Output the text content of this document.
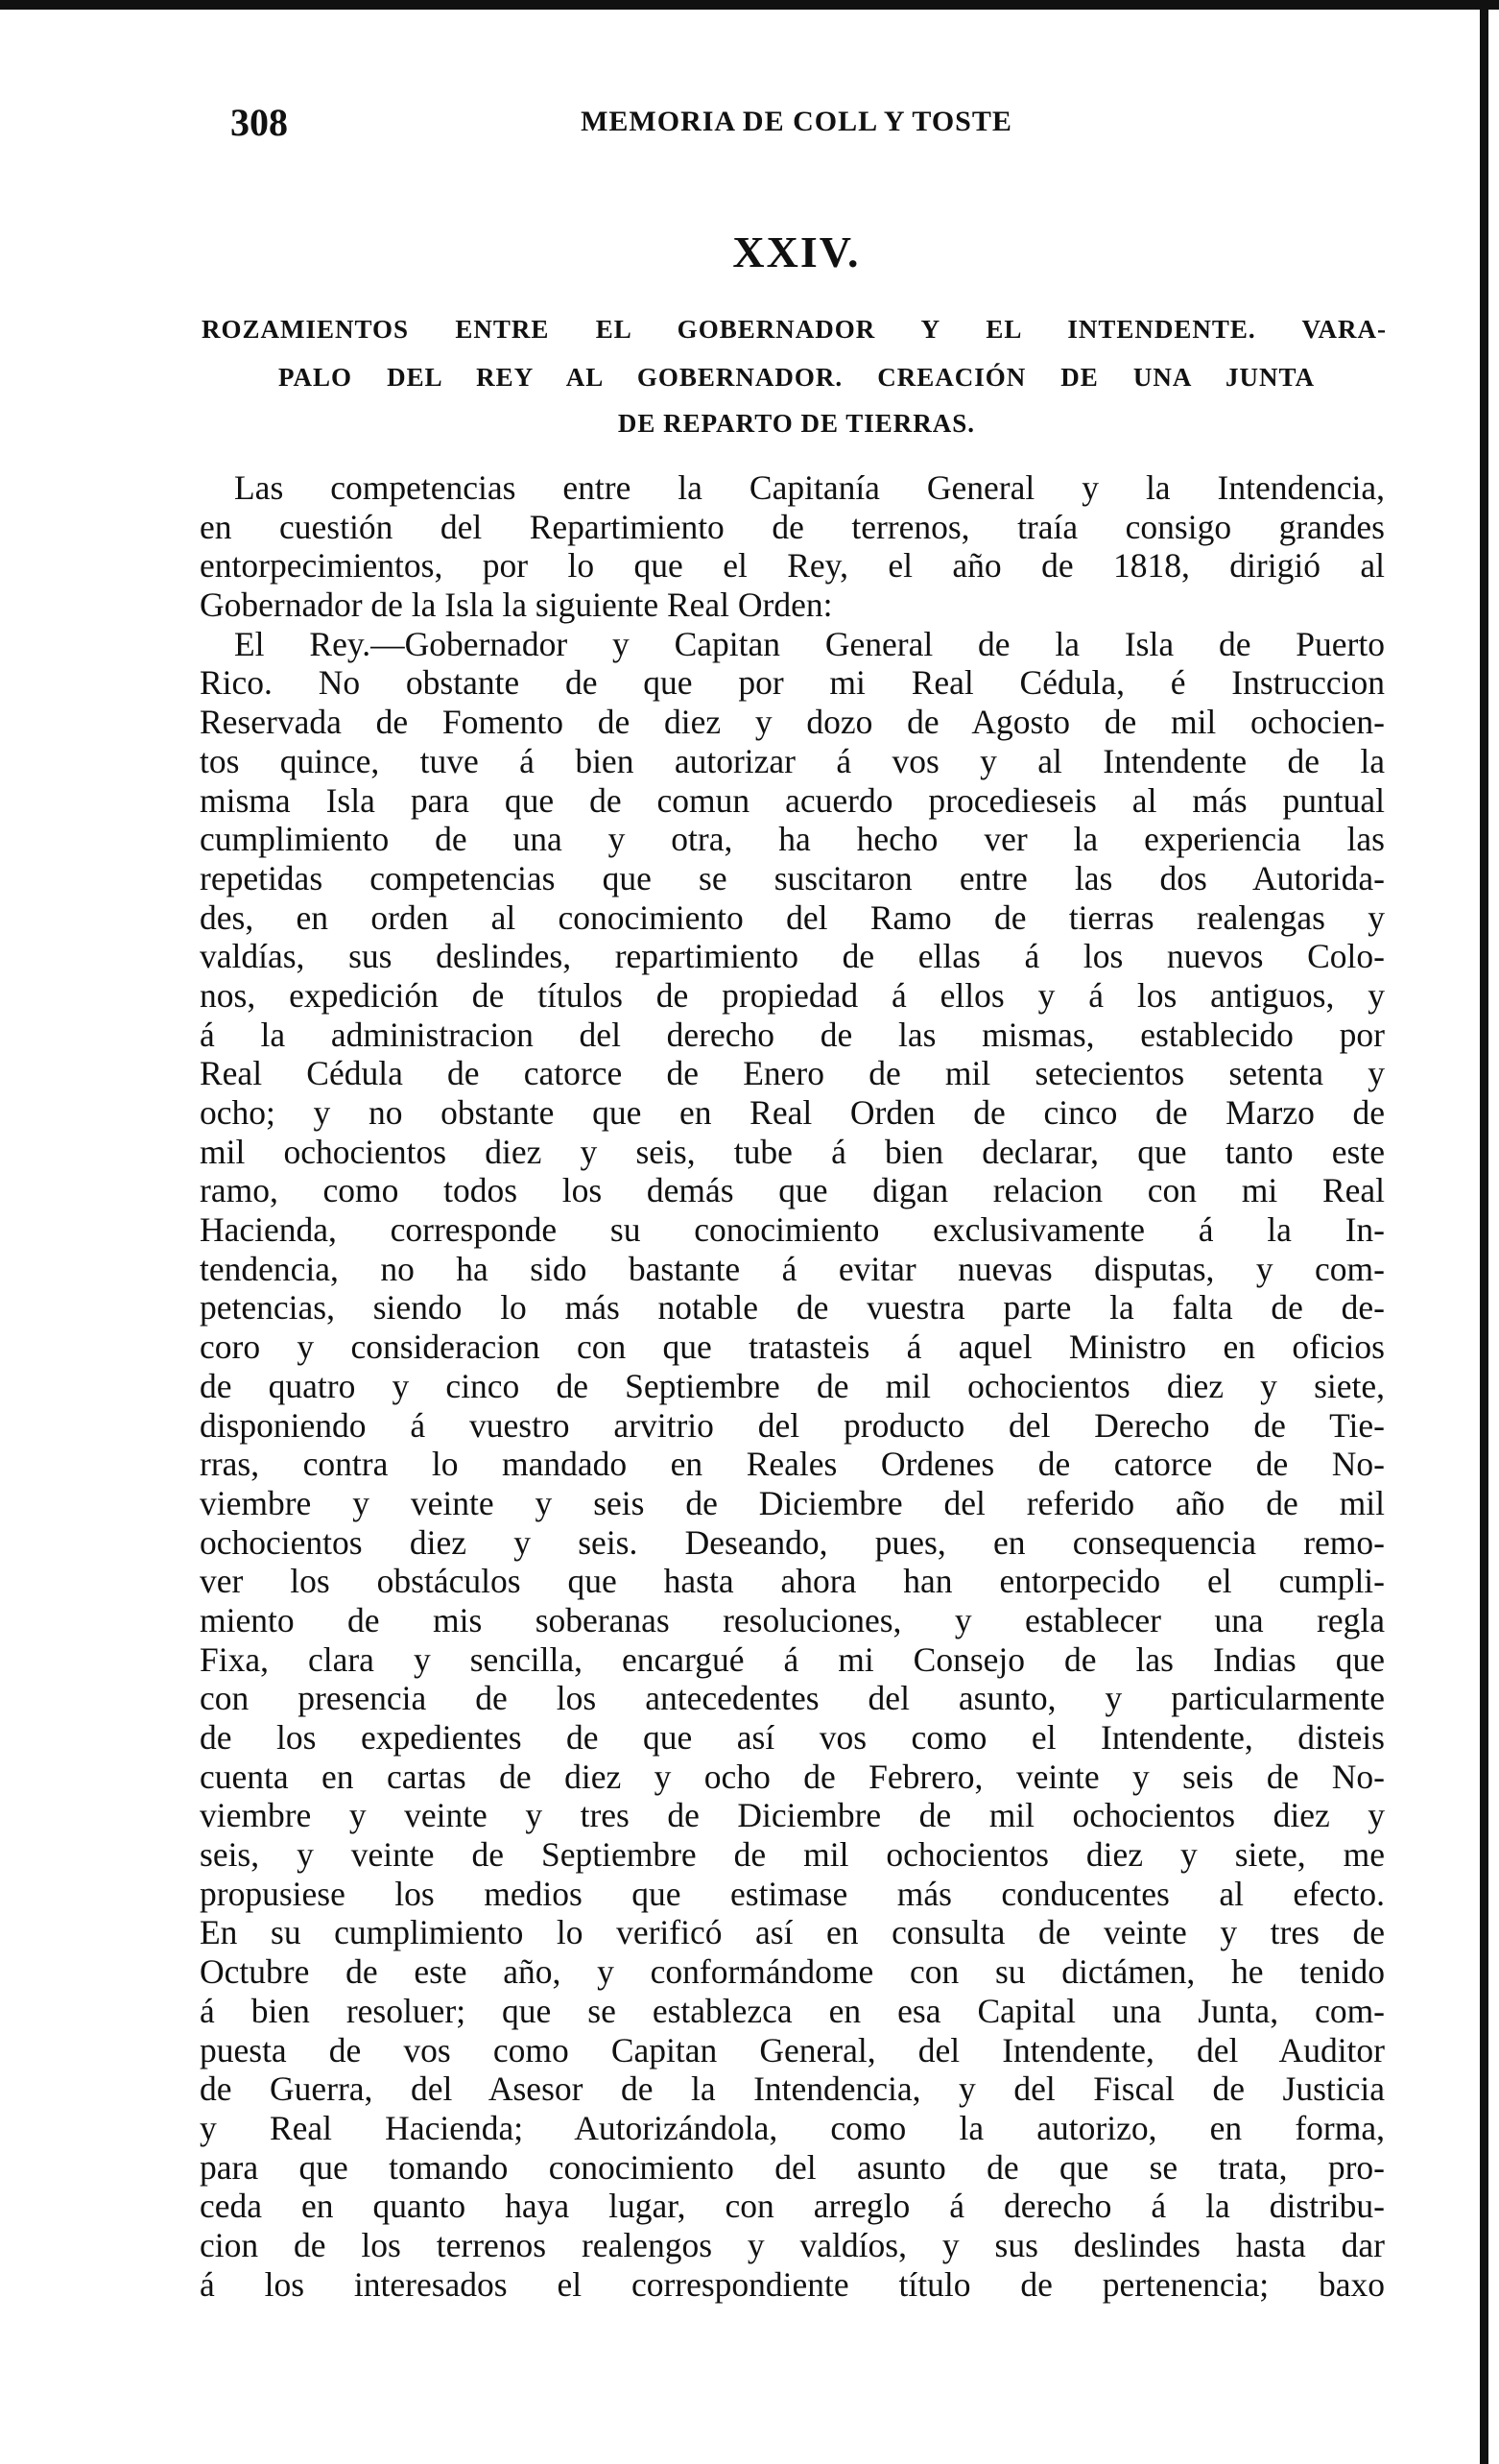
308	MEMORIA DE COLL Y TOSTE
XXIV.
ROZAMIENTOS ENTRE EL GOBERNADOR Y EL INTENDENTE. VARA-
PALO DEL REY AL GOBERNADOR. CREACIÓN DE UNA JUNTA
DE REPARTO DE TIERRAS.
Las competencias entre la Capitanía General y la Intendencia,
en cuestión del Repartimiento de terrenos, traía consigo grandes
entorpecimientos, por lo que el Rey, el año de 1818, dirigió al
Gobernador de la Isla la siguiente Real Orden:
El Rey.—Gobernador y Capitan General de la Isla de Puerto
Rico. No obstante de que por mi Real Cédula, é Instruccion
Reservada de Fomento de diez y dozo de Agosto de mil ochocien-
tos quince, tuve á bien autorizar á vos y al Intendente de la
misma Isla para que de comun acuerdo procedieseis al más puntual
cumplimiento de una y otra, ha hecho ver la experiencia las
repetidas competencias que se suscitaron entre las dos Autorida-
des, en orden al conocimiento del Ramo de tierras realengas y
valdías, sus deslindes, repartimiento de ellas á los nuevos Colo-
nos, expedición de títulos de propiedad á ellos y á los antiguos, y
á la administracion del derecho de las mismas, establecido por
Real Cédula de catorce de Enero de mil setecientos setenta y
ocho; y no obstante que en Real Orden de cinco de Marzo de
mil ochocientos diez y seis, tube á bien declarar, que tanto este
ramo, como todos los demás que digan relacion con mi Real
Hacienda, corresponde su conocimiento exclusivamente á la In-
tendencia, no ha sido bastante á evitar nuevas disputas, y com-
petencias, siendo lo más notable de vuestra parte la falta de de-
coro y consideracion con que tratasteis á aquel Ministro en oficios
de quatro y cinco de Septiembre de mil ochocientos diez y siete,
disponiendo á vuestro arvitrio del producto del Derecho de Tie-
rras, contra lo mandado en Reales Ordenes de catorce de No-
viembre y veinte y seis de Diciembre del referido año de mil
ochocientos diez y seis. Deseando, pues, en consequencia remo-
ver los obstáculos que hasta ahora han entorpecido el cumpli-
miento de mis soberanas resoluciones, y establecer una regla
Fixa, clara y sencilla, encargué á mi Consejo de las Indias que
con presencia de los antecedentes del asunto, y particularmente
de los expedientes de que así vos como el Intendente, disteis
cuenta en cartas de diez y ocho de Febrero, veinte y seis de No-
viembre y veinte y tres de Diciembre de mil ochocientos diez y
seis, y veinte de Septiembre de mil ochocientos diez y siete, me
propusiese los medios que estimase más conducentes al efecto.
En su cumplimiento lo verificó así en consulta de veinte y tres de
Octubre de este año, y conformándome con su dictámen, he tenido
á bien resoluer; que se establezca en esa Capital una Junta, com-
puesta de vos como Capitan General, del Intendente, del Auditor
de Guerra, del Asesor de la Intendencia, y del Fiscal de Justicia
y Real Hacienda; Autorizándola, como la autorizo, en forma,
para que tomando conocimiento del asunto de que se trata, pro-
ceda en quanto haya lugar, con arreglo á derecho á la distribu-
cion de los terrenos realengos y valdíos, y sus deslindes hasta dar
á los interesados el correspondiente título de pertenencia; baxo
